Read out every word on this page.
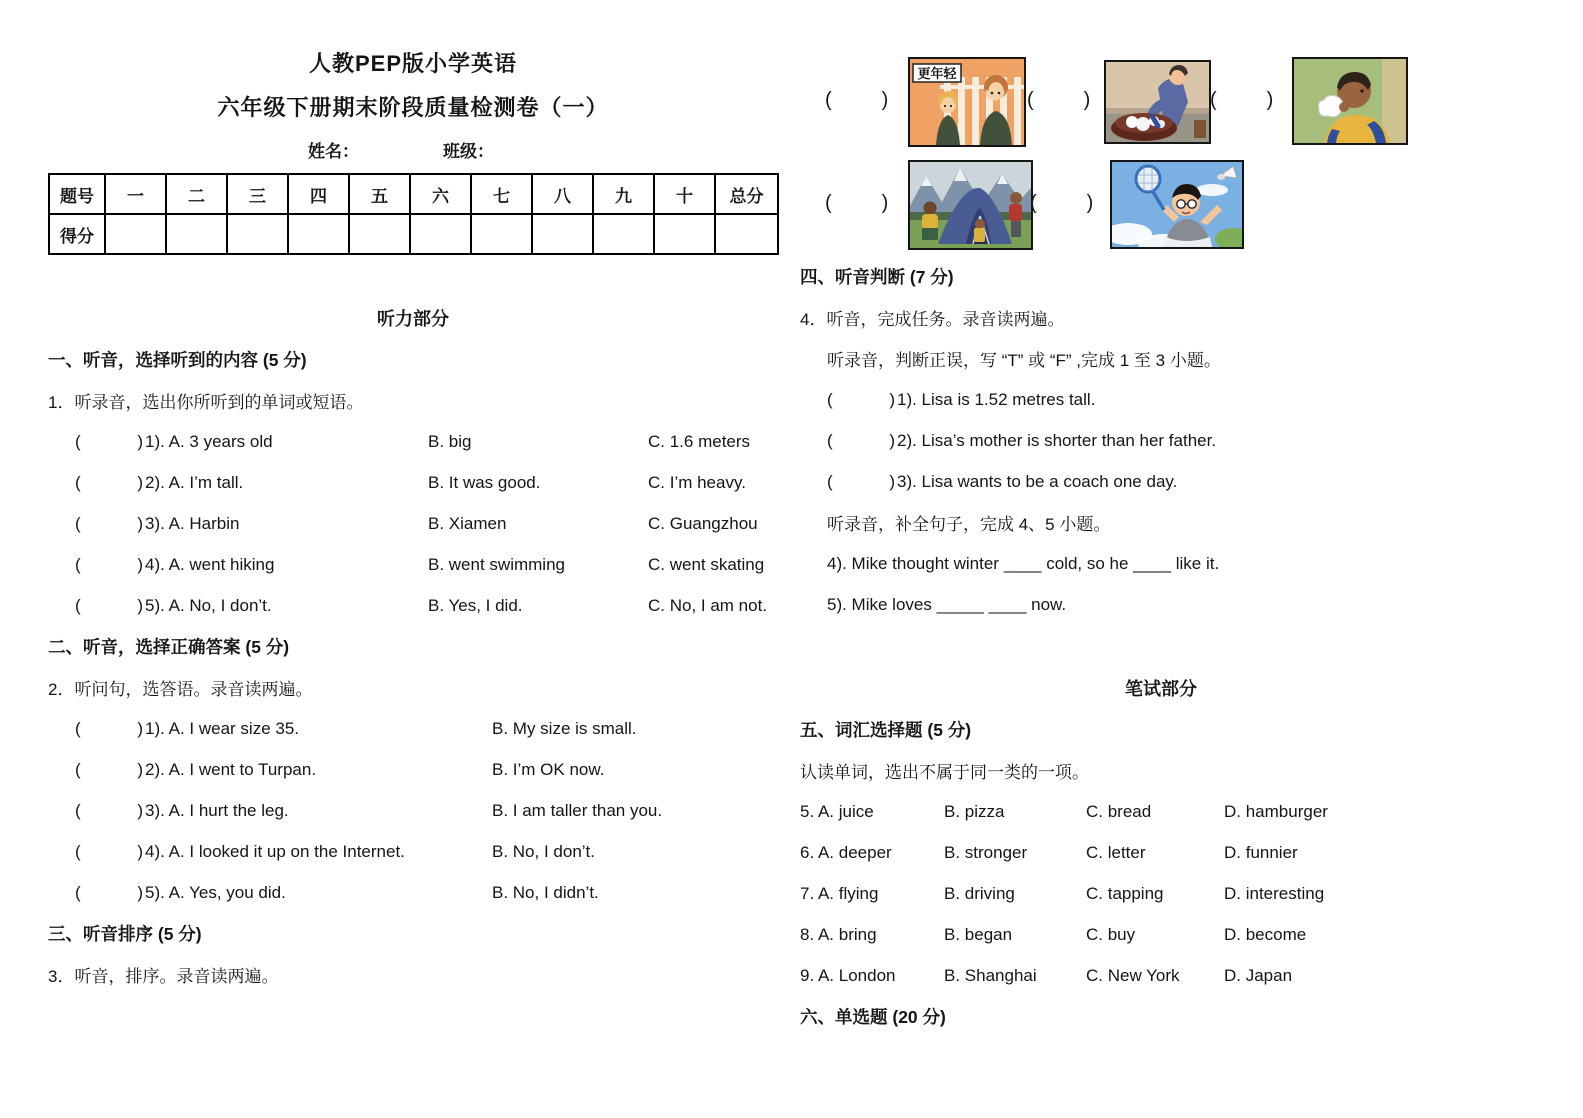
人教PEP版小学英语
六年级下册期末阶段质量检测卷（一）
姓名：	班级：
题号	一	二	三	四	五	六	七	八	九	十	总分
得分											
听力部分
一、听音，选择听到的内容 (5 分)
1．听录音，选出你所听到的单词或短语。
(            ) 1). A. 3 years old	B. big	C. 1.6 meters
(            ) 2). A. I’m tall.	B. It was good.	C. I’m heavy.
(            ) 3). A. Harbin	B. Xiamen	C. Guangzhou
(            ) 4). A. went hiking	B. went swimming	C. went skating
(            ) 5). A. No, I don’t.	B. Yes, I did.	C. No, I am not.
二、听音，选择正确答案 (5 分)
2．听问句，选答语。录音读两遍。
(            ) 1). A. I wear size 35.	B. My size is small.
(            ) 2). A. I went to Turpan.	B. I’m OK now.
(            ) 3). A. I hurt the leg.	B. I am taller than you.
(            ) 4). A. I looked it up on the Internet.	B. No, I don’t.
(            ) 5). A. Yes, you did.	B. No, I didn’t.
三、听音排序 (5 分)
3．听音，排序。录音读两遍。
(         )
更年轻
(         )	(         )
(         )	(         )
四、听音判断 (7 分)
4．听音，完成任务。录音读两遍。
听录音，判断正误，写 “T” 或 “F” ,完成 1 至 3 小题。
(            ) 1). Lisa is 1.52 metres tall.
(            ) 2). Lisa’s mother is shorter than her father.
(            ) 3). Lisa wants to be a coach one day.
听录音，补全句子，完成 4、5 小题。
4). Mike thought winter ____ cold, so he ____ like it.
5). Mike loves _____ ____ now.
笔试部分
五、词汇选择题 (5 分)
认读单词，选出不属于同一类的一项。
5. A. juice	B. pizza	C. bread	D. hamburger
6. A. deeper	B. stronger	C. letter	D. funnier
7. A. flying	B. driving	C. tapping	D. interesting
8. A. bring	B. began	C. buy	D. become
9. A. London	B. Shanghai	C. New York	D. Japan
六、单选题 (20 分)
